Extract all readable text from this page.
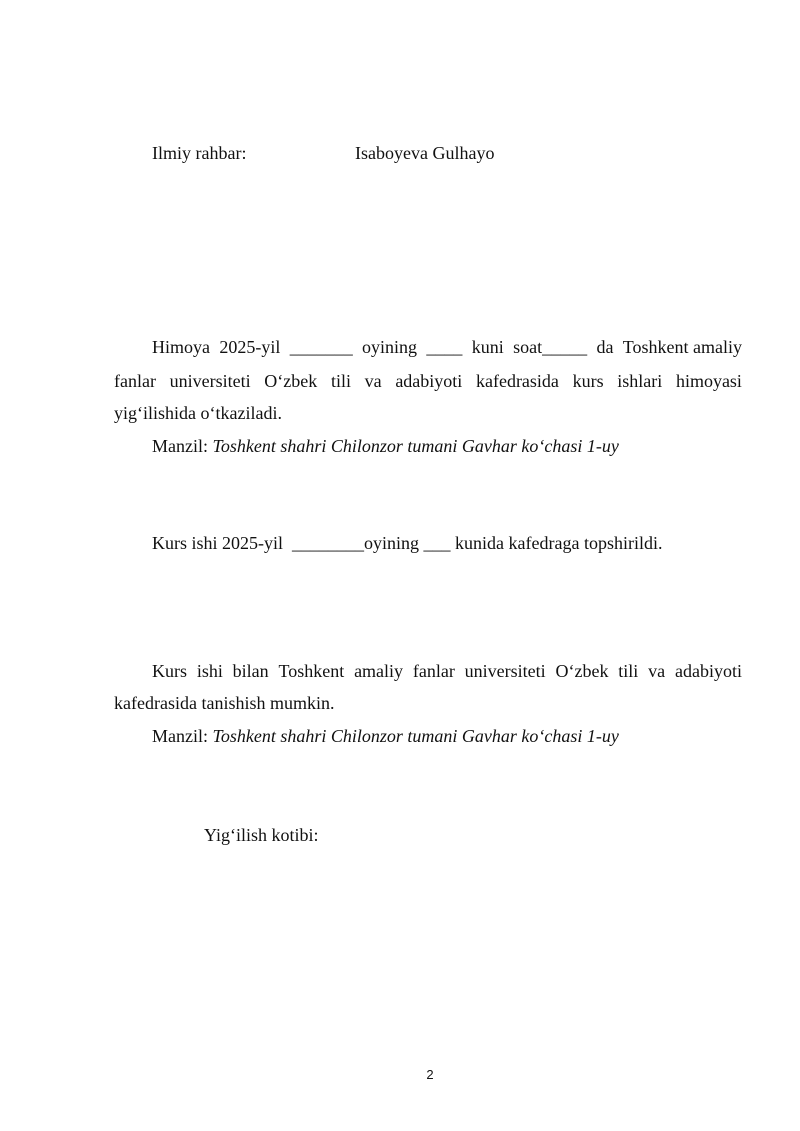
Ilmiy rahbar:	Isaboyeva Gulhayo
Himoya 2025-yil _______ oyining ____ kuni soat_____ da Toshkent amaliy
fanlar universiteti O‘zbek tili va adabiyoti kafedrasida kurs ishlari himoyasi
yig‘ilishida o‘tkaziladi.
Manzil: Toshkent shahri Chilonzor tumani Gavhar ko‘chasi 1-uy
Kurs ishi 2025-yil  ________oyining ___ kunida kafedraga topshirildi.
Kurs ishi bilan Toshkent amaliy fanlar universiteti O‘zbek tili va adabiyoti
kafedrasida tanishish mumkin.
Manzil: Toshkent shahri Chilonzor tumani Gavhar ko‘chasi 1-uy
Yig‘ilish kotibi:
2
